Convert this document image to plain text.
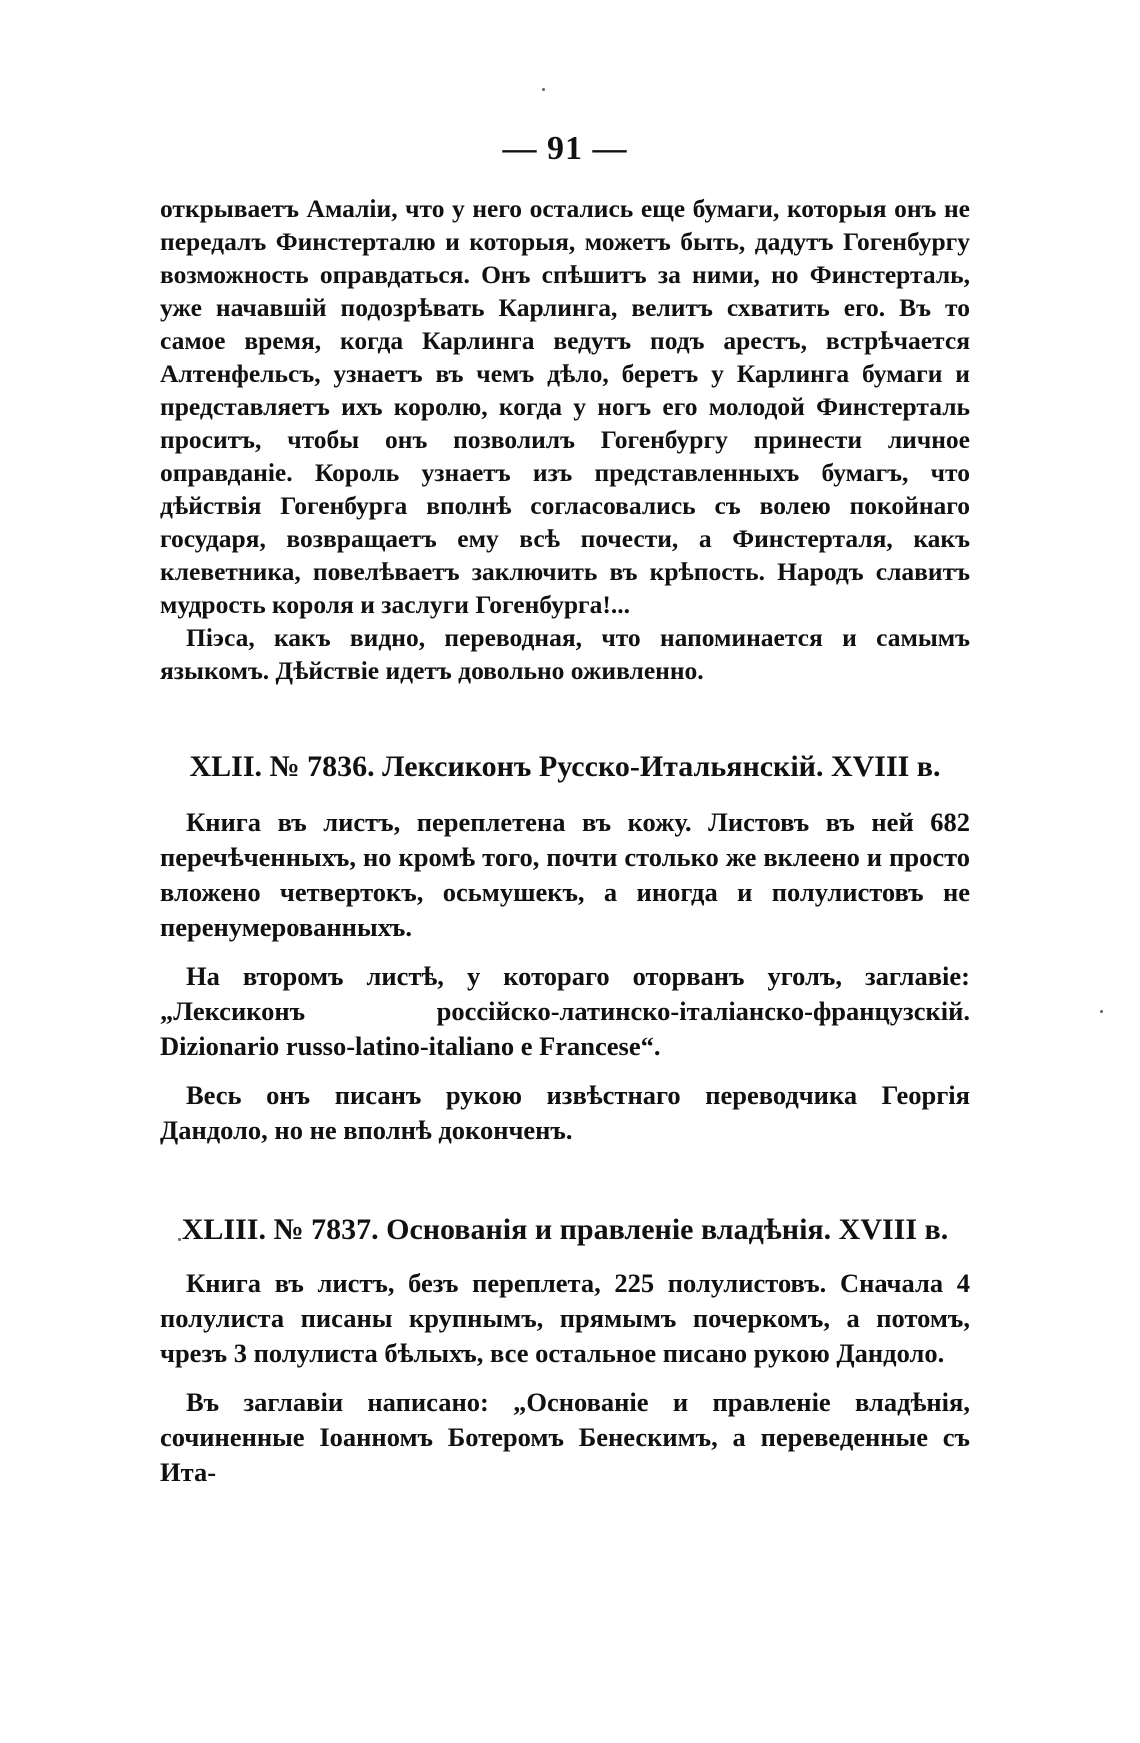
— 91 —

открываетъ Амаліи, что у него остались еще бумаги, которыя онъ не передалъ Финстерталю и которыя, можетъ быть, дадутъ Гогенбургу возможность оправдаться. Онъ спѣшитъ за ними, но Финстерталь, уже начавшій подозрѣвать Карлинга, велитъ схватить его. Въ то самое время, когда Карлинга ведутъ подъ арестъ, встрѣчается Алтенфельсъ, узнаетъ въ чемъ дѣло, беретъ у Карлинга бумаги и представляетъ ихъ королю, когда у ногъ его молодой Финстерталь проситъ, чтобы онъ позволилъ Гогенбургу принести личное оправданіе. Король узнаетъ изъ представленныхъ бумагъ, что дѣйствія Гогенбурга вполнѣ согласовались съ волею покойнаго государя, возвращаетъ ему всѣ почести, а Финстерталя, какъ клеветника, повелѣваетъ заключить въ крѣпость. Народъ славитъ мудрость короля и заслуги Гогенбурга!...

Піэса, какъ видно, переводная, что напоминается и самымъ языкомъ. Дѣйствіе идетъ довольно оживленно.

XLII. № 7836. Лексиконъ Русско-Итальянскій. XVIII в.

Книга въ листъ, переплетена въ кожу. Листовъ въ ней 682 перечѣченныхъ, но кромѣ того, почти столько же вклеено и просто вложено четвертокъ, осьмушекъ, а иногда и полулистовъ не перенумерованныхъ.

На второмъ листѣ, у котораго оторванъ уголъ, заглавіе: „Лексиконъ россійско-латинско-італіанско-французскій. Dizionario russo-latino-italiano e Francese“.

Весь онъ писанъ рукою извѣстнаго переводчика Георгія Дандоло, но не вполнѣ доконченъ.

XLIII. № 7837. Основанія и правленіе владѣнія. XVIII в.

Книга въ листъ, безъ переплета, 225 полулистовъ. Сначала 4 полулиста писаны крупнымъ, прямымъ почеркомъ, а потомъ, чрезъ 3 полулиста бѣлыхъ, все остальное писано рукою Дандоло.

Въ заглавіи написано: „Основаніе и правленіе владѣнія, сочиненные Іоанномъ Ботеромъ Бенескимъ, а переведенные съ Ита-
